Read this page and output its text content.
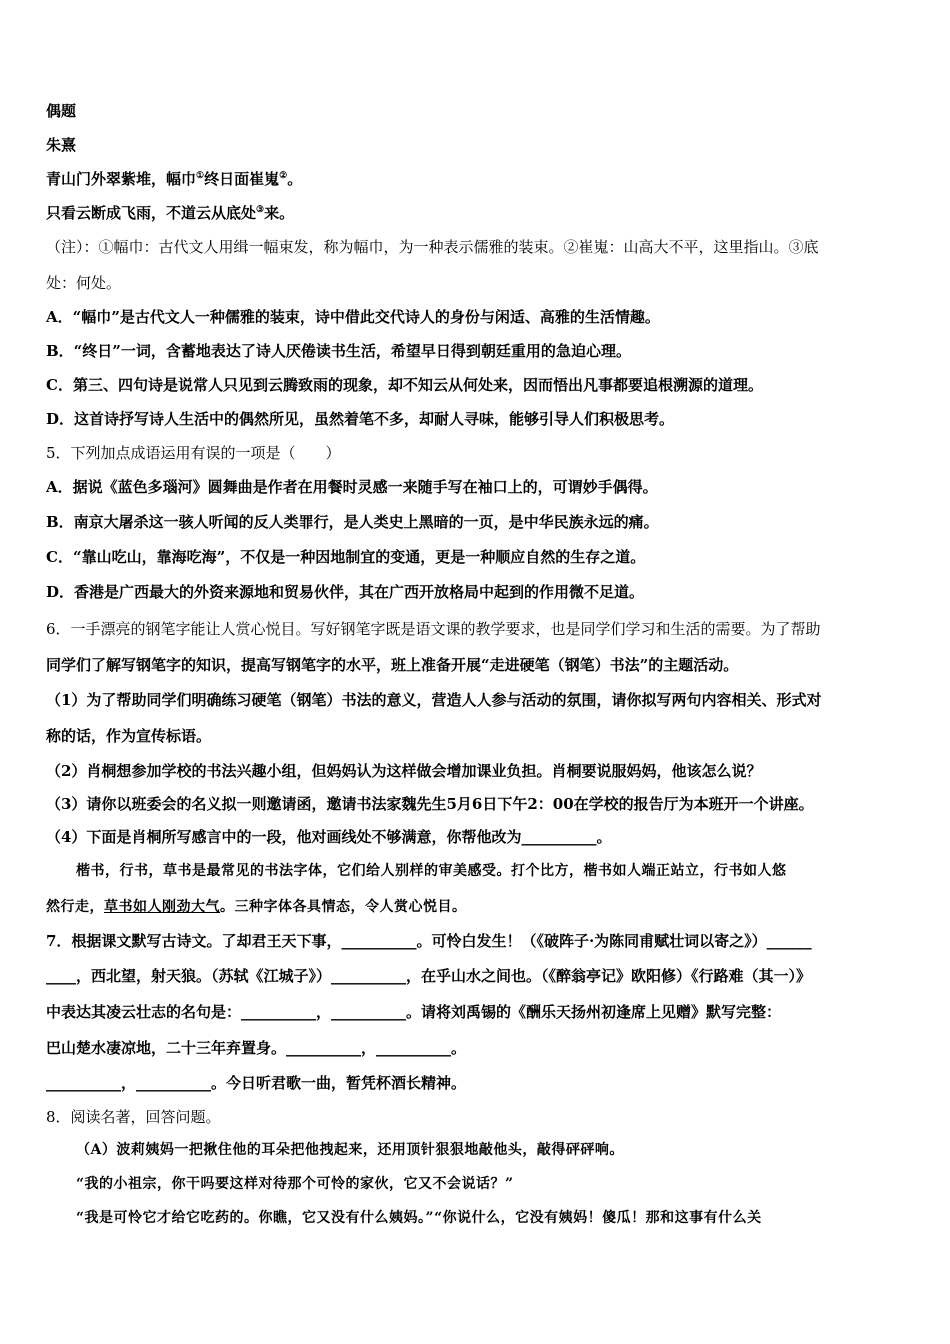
偶题
朱熹
青山门外翠紫堆，幅巾①终日面崔嵬②。
只看云断成飞雨，不道云从底处③来。
（注）：①幅巾：古代文人用缉一幅束发，称为幅巾，为一种表示儒雅的装束。②崔嵬：山高大不平，这里指山。③底
处：何处。
A．“幅巾”是古代文人一种儒雅的装束，诗中借此交代诗人的身份与闲适、高雅的生活情趣。
B．“终日”一词，含蓄地表达了诗人厌倦读书生活，希望早日得到朝廷重用的急迫心理。
C．第三、四句诗是说常人只见到云腾致雨的现象，却不知云从何处来，因而悟出凡事都要追根溯源的道理。
D．这首诗抒写诗人生活中的偶然所见，虽然着笔不多，却耐人寻味，能够引导人们积极思考。
5．下列加点成语运用有误的一项是（　　）
A．据说《蓝色多瑙河》圆舞曲是作者在用餐时灵感一来随手写在袖口上的，可谓妙手偶得。
B．南京大屠杀这一骇人听闻的反人类罪行，是人类史上黑暗的一页，是中华民族永远的痛。
C．“靠山吃山，靠海吃海”，不仅是一种因地制宜的变通，更是一种顺应自然的生存之道。
D．香港是广西最大的外资来源地和贸易伙伴，其在广西开放格局中起到的作用微不足道。
6．一手漂亮的钢笔字能让人赏心悦目。写好钢笔字既是语文课的教学要求，也是同学们学习和生活的需要。为了帮助
同学们了解写钢笔字的知识，提高写钢笔字的水平，班上准备开展“走进硬笔（钢笔）书法”的主题活动。
（1）为了帮助同学们明确练习硬笔（钢笔）书法的意义，营造人人参与活动的氛围，请你拟写两句内容相关、形式对
称的话，作为宣传标语。
（2）肖桐想参加学校的书法兴趣小组，但妈妈认为这样做会增加课业负担。肖桐要说服妈妈，他该怎么说？
（3）请你以班委会的名义拟一则邀请函，邀请书法家魏先生5月6日下午2：00在学校的报告厅为本班开一个讲座。
（4）下面是肖桐所写感言中的一段，他对画线处不够满意，你帮他改为__________。
楷书，行书，草书是最常见的书法字体，它们给人别样的审美感受。打个比方，楷书如人端正站立，行书如人悠
然行走，草书如人刚劲大气。三种字体各具情态，令人赏心悦目。
7．根据课文默写古诗文。了却君王天下事，__________。可怜白发生！（《破阵子·为陈同甫赋壮词以寄之》）______
____，西北望，射天狼。（苏轼《江城子》）__________，在乎山水之间也。（《醉翁亭记》欧阳修）《行路难（其一）》
中表达其凌云壮志的名句是：__________，__________。请将刘禹锡的《酬乐天扬州初逢席上见赠》默写完整：
巴山楚水凄凉地，二十三年弃置身。__________，__________。
__________，__________。今日听君歌一曲，暂凭杯酒长精神。
8．阅读名著，回答问题。
（A）波莉姨妈一把揪住他的耳朵把他拽起来，还用顶针狠狠地敲他头，敲得砰砰响。
“我的小祖宗，你干吗要这样对待那个可怜的家伙，它又不会说话？”
“我是可怜它才给它吃药的。你瞧，它又没有什么姨妈。”“你说什么，它没有姨妈！傻瓜！那和这事有什么关
